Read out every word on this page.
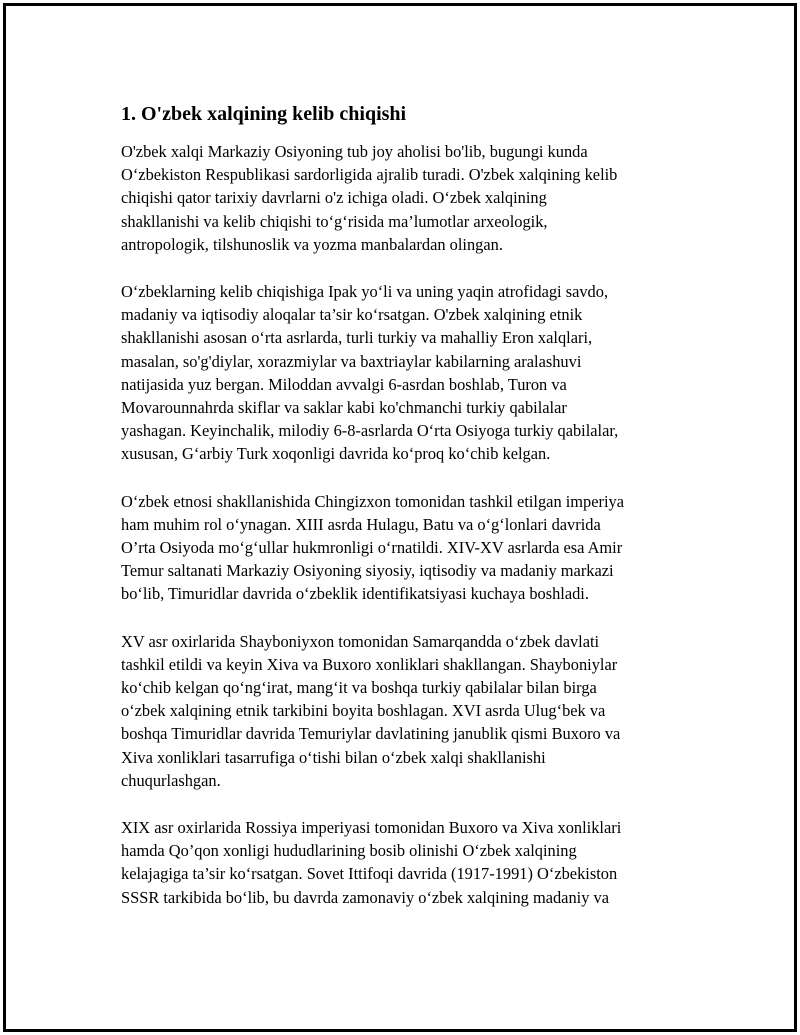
1. O'zbek xalqining kelib chiqishi

O'zbek xalqi Markaziy Osiyoning tub joy aholisi bo'lib, bugungi kunda
O‘zbekiston Respublikasi sardorligida ajralib turadi. O'zbek xalqining kelib
chiqishi qator tarixiy davrlarni o'z ichiga oladi. O‘zbek xalqining
shakllanishi va kelib chiqishi to‘g‘risida ma’lumotlar arxeologik,
antropologik, tilshunoslik va yozma manbalardan olingan.

O‘zbeklarning kelib chiqishiga Ipak yo‘li va uning yaqin atrofidagi savdo,
madaniy va iqtisodiy aloqalar ta’sir ko‘rsatgan. O'zbek xalqining etnik
shakllanishi asosan o‘rta asrlarda, turli turkiy va mahalliy Eron xalqlari,
masalan, so'g'diylar, xorazmiylar va baxtriaylar kabilarning aralashuvi
natijasida yuz bergan. Miloddan avvalgi 6-asrdan boshlab, Turon va
Movarounnahrda skiflar va saklar kabi ko'chmanchi turkiy qabilalar
yashagan. Keyinchalik, milodiy 6-8-asrlarda O‘rta Osiyoga turkiy qabilalar,
xususan, G‘arbiy Turk xoqonligi davrida ko‘proq ko‘chib kelgan.

O‘zbek etnosi shakllanishida Chingizxon tomonidan tashkil etilgan imperiya
ham muhim rol o‘ynagan. XIII asrda Hulagu, Batu va o‘g‘lonlari davrida
O’rta Osiyoda mo‘g‘ullar hukmronligi o‘rnatildi. XIV-XV asrlarda esa Amir
Temur saltanati Markaziy Osiyoning siyosiy, iqtisodiy va madaniy markazi
bo‘lib, Timuridlar davrida o‘zbeklik identifikatsiyasi kuchaya boshladi.

XV asr oxirlarida Shayboniyxon tomonidan Samarqandda o‘zbek davlati
tashkil etildi va keyin Xiva va Buxoro xonliklari shakllangan. Shayboniylar
ko‘chib kelgan qo‘ng‘irat, mang‘it va boshqa turkiy qabilalar bilan birga
o‘zbek xalqining etnik tarkibini boyita boshlagan. XVI asrda Ulug‘bek va
boshqa Timuridlar davrida Temuriylar davlatining janublik qismi Buxoro va
Xiva xonliklari tasarrufiga o‘tishi bilan o‘zbek xalqi shakllanishi
chuqurlashgan.

XIX asr oxirlarida Rossiya imperiyasi tomonidan Buxoro va Xiva xonliklari
hamda Qo’qon xonligi hududlarining bosib olinishi O‘zbek xalqining
kelajagiga ta’sir ko‘rsatgan. Sovet Ittifoqi davrida (1917-1991) O‘zbekiston
SSSR tarkibida bo‘lib, bu davrda zamonaviy o‘zbek xalqining madaniy va
